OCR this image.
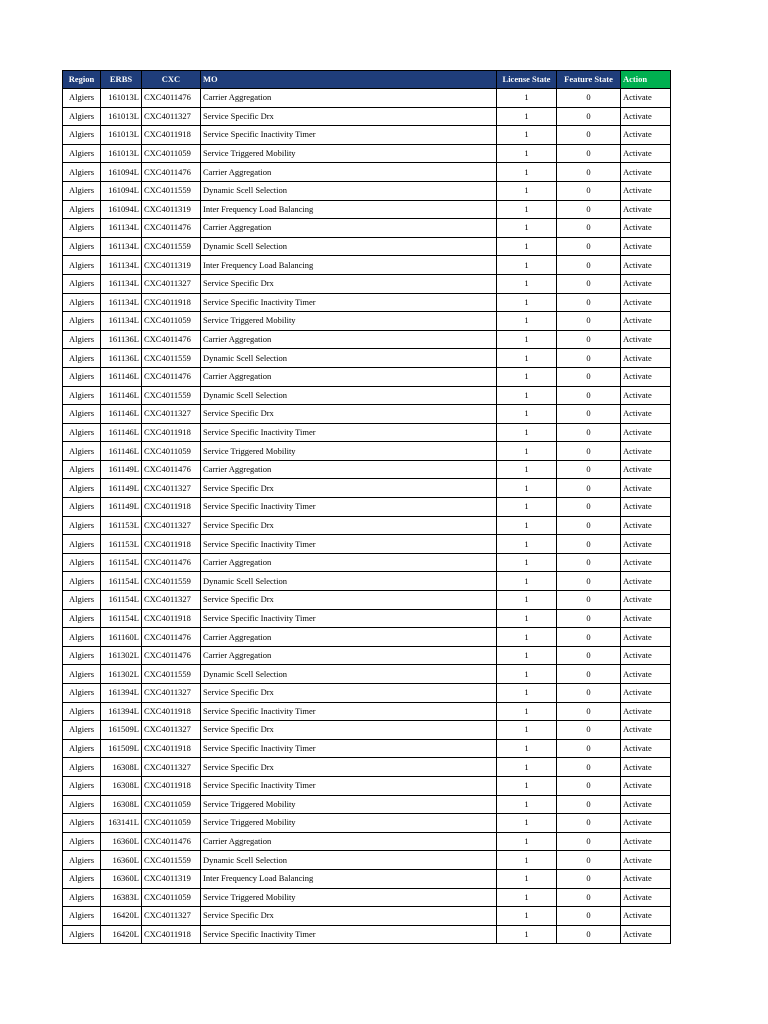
Region	ERBS	CXC	MO	License State	Feature State	Action
Algiers	161013L	CXC4011476	Carrier Aggregation	1	0	Activate
Algiers	161013L	CXC4011327	Service Specific Drx	1	0	Activate
Algiers	161013L	CXC4011918	Service Specific Inactivity Timer	1	0	Activate
Algiers	161013L	CXC4011059	Service Triggered Mobility	1	0	Activate
Algiers	161094L	CXC4011476	Carrier Aggregation	1	0	Activate
Algiers	161094L	CXC4011559	Dynamic Scell Selection	1	0	Activate
Algiers	161094L	CXC4011319	Inter Frequency Load Balancing	1	0	Activate
Algiers	161134L	CXC4011476	Carrier Aggregation	1	0	Activate
Algiers	161134L	CXC4011559	Dynamic Scell Selection	1	0	Activate
Algiers	161134L	CXC4011319	Inter Frequency Load Balancing	1	0	Activate
Algiers	161134L	CXC4011327	Service Specific Drx	1	0	Activate
Algiers	161134L	CXC4011918	Service Specific Inactivity Timer	1	0	Activate
Algiers	161134L	CXC4011059	Service Triggered Mobility	1	0	Activate
Algiers	161136L	CXC4011476	Carrier Aggregation	1	0	Activate
Algiers	161136L	CXC4011559	Dynamic Scell Selection	1	0	Activate
Algiers	161146L	CXC4011476	Carrier Aggregation	1	0	Activate
Algiers	161146L	CXC4011559	Dynamic Scell Selection	1	0	Activate
Algiers	161146L	CXC4011327	Service Specific Drx	1	0	Activate
Algiers	161146L	CXC4011918	Service Specific Inactivity Timer	1	0	Activate
Algiers	161146L	CXC4011059	Service Triggered Mobility	1	0	Activate
Algiers	161149L	CXC4011476	Carrier Aggregation	1	0	Activate
Algiers	161149L	CXC4011327	Service Specific Drx	1	0	Activate
Algiers	161149L	CXC4011918	Service Specific Inactivity Timer	1	0	Activate
Algiers	161153L	CXC4011327	Service Specific Drx	1	0	Activate
Algiers	161153L	CXC4011918	Service Specific Inactivity Timer	1	0	Activate
Algiers	161154L	CXC4011476	Carrier Aggregation	1	0	Activate
Algiers	161154L	CXC4011559	Dynamic Scell Selection	1	0	Activate
Algiers	161154L	CXC4011327	Service Specific Drx	1	0	Activate
Algiers	161154L	CXC4011918	Service Specific Inactivity Timer	1	0	Activate
Algiers	161160L	CXC4011476	Carrier Aggregation	1	0	Activate
Algiers	161302L	CXC4011476	Carrier Aggregation	1	0	Activate
Algiers	161302L	CXC4011559	Dynamic Scell Selection	1	0	Activate
Algiers	161394L	CXC4011327	Service Specific Drx	1	0	Activate
Algiers	161394L	CXC4011918	Service Specific Inactivity Timer	1	0	Activate
Algiers	161509L	CXC4011327	Service Specific Drx	1	0	Activate
Algiers	161509L	CXC4011918	Service Specific Inactivity Timer	1	0	Activate
Algiers	16308L	CXC4011327	Service Specific Drx	1	0	Activate
Algiers	16308L	CXC4011918	Service Specific Inactivity Timer	1	0	Activate
Algiers	16308L	CXC4011059	Service Triggered Mobility	1	0	Activate
Algiers	163141L	CXC4011059	Service Triggered Mobility	1	0	Activate
Algiers	16360L	CXC4011476	Carrier Aggregation	1	0	Activate
Algiers	16360L	CXC4011559	Dynamic Scell Selection	1	0	Activate
Algiers	16360L	CXC4011319	Inter Frequency Load Balancing	1	0	Activate
Algiers	16383L	CXC4011059	Service Triggered Mobility	1	0	Activate
Algiers	16420L	CXC4011327	Service Specific Drx	1	0	Activate
Algiers	16420L	CXC4011918	Service Specific Inactivity Timer	1	0	Activate
